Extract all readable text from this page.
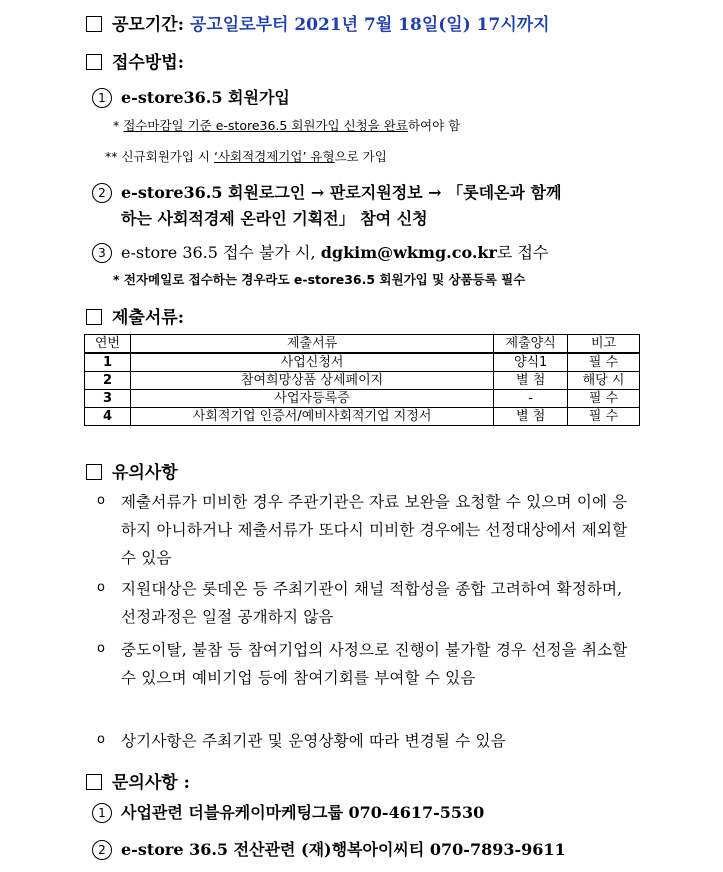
공모기간: 공고일로부터 2021년 7월 18일(일) 17시까지
접수방법:
1 e-store36.5 회원가입
* 접수마감일 기준 e-store36.5 회원가입 신청을 완료하여야 함
** 신규회원가입 시 ‘사회적경제기업’ 유형으로 가입
2 e-store36.5 회원로그인 → 판로지원정보 → 「롯데온과 함께
하는 사회적경제 온라인 기획전」 참여 신청
3 e-store 36.5 접수 불가 시, dgkim@wkmg.co.kr로 접수
* 전자메일로 접수하는 경우라도 e-store36.5 회원가입 및 상품등록 필수
제출서류:
연번	제출서류	제출양식	비고
1	사업신청서	양식1	필 수
2	참여희망상품 상세페이지	별 첨	해당 시
3	사업자등록증	-	필 수
4	사회적기업 인증서/예비사회적기업 지정서	별 첨	필 수
유의사항
o 제출서류가 미비한 경우 주관기관은 자료 보완을 요청할 수 있으며 이에 응하지 아니하거나 제출서류가 또다시 미비한 경우에는 선정대상에서 제외할 수 있음
o 지원대상은 롯데온 등 주최기관이 채널 적합성을 종합 고려하여 확정하며, 선정과정은 일절 공개하지 않음
o 중도이탈, 불참 등 참여기업의 사정으로 진행이 불가할 경우 선정을 취소할 수 있으며 예비기업 등에 참여기회를 부여할 수 있음
o 상기사항은 주최기관 및 운영상황에 따라 변경될 수 있음
문의사항 :
1 사업관련 더블유케이마케팅그룹 070-4617-5530
2 e-store 36.5 전산관련 (재)행복아이씨티 070-7893-9611
